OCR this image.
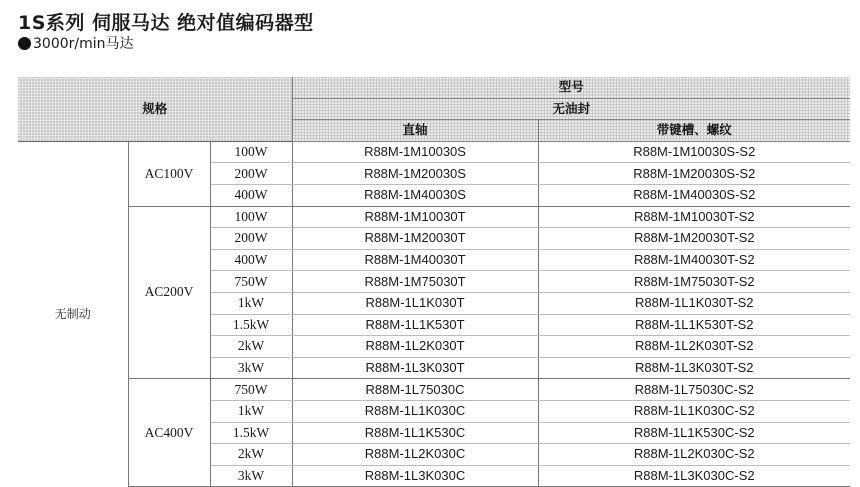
1S系列 伺服马达 绝对值编码器型
3000r/min马达
规格			型号	
			无油封	
			直轴	带键槽、螺纹
无制动	AC100V	100W	R88M-1M10030S	R88M-1M10030S-S2
		200W	R88M-1M20030S	R88M-1M20030S-S2
		400W	R88M-1M40030S	R88M-1M40030S-S2
	AC200V	100W	R88M-1M10030T	R88M-1M10030T-S2
		200W	R88M-1M20030T	R88M-1M20030T-S2
		400W	R88M-1M40030T	R88M-1M40030T-S2
		750W	R88M-1M75030T	R88M-1M75030T-S2
		1kW	R88M-1L1K030T	R88M-1L1K030T-S2
		1.5kW	R88M-1L1K530T	R88M-1L1K530T-S2
		2kW	R88M-1L2K030T	R88M-1L2K030T-S2
		3kW	R88M-1L3K030T	R88M-1L3K030T-S2
	AC400V	750W	R88M-1L75030C	R88M-1L75030C-S2
		1kW	R88M-1L1K030C	R88M-1L1K030C-S2
		1.5kW	R88M-1L1K530C	R88M-1L1K530C-S2
		2kW	R88M-1L2K030C	R88M-1L2K030C-S2
		3kW	R88M-1L3K030C	R88M-1L3K030C-S2
